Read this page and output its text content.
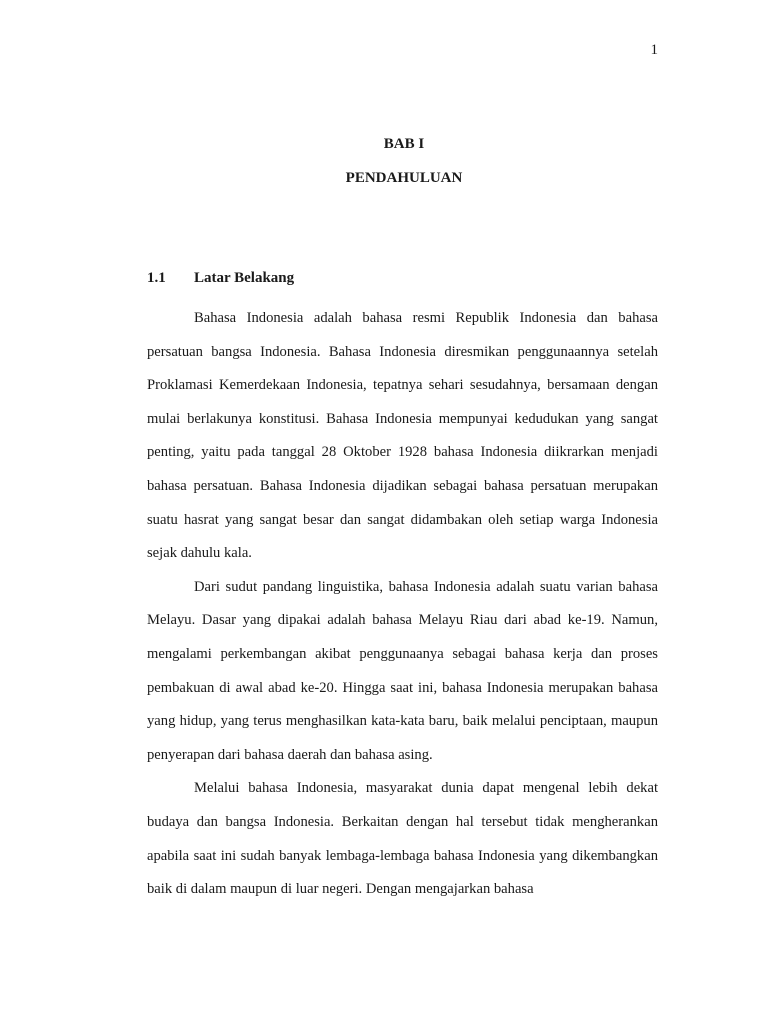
1
BAB I
PENDAHULUAN
1.1 Latar Belakang

Bahasa Indonesia adalah bahasa resmi Republik Indonesia dan bahasa persatuan bangsa Indonesia. Bahasa Indonesia diresmikan penggunaannya setelah Proklamasi Kemerdekaan Indonesia, tepatnya sehari sesudahnya, bersamaan dengan mulai berlakunya konstitusi. Bahasa Indonesia mempunyai kedudukan yang sangat penting, yaitu pada tanggal 28 Oktober 1928 bahasa Indonesia diikrarkan menjadi bahasa persatuan. Bahasa Indonesia dijadikan sebagai bahasa persatuan merupakan suatu hasrat yang sangat besar dan sangat didambakan oleh setiap warga Indonesia sejak dahulu kala.

Dari sudut pandang linguistika, bahasa Indonesia adalah suatu varian bahasa Melayu. Dasar yang dipakai adalah bahasa Melayu Riau dari abad ke-19. Namun, mengalami perkembangan akibat penggunaanya sebagai bahasa kerja dan proses pembakuan di awal abad ke-20. Hingga saat ini, bahasa Indonesia merupakan bahasa yang hidup, yang terus menghasilkan kata-kata baru, baik melalui penciptaan, maupun penyerapan dari bahasa daerah dan bahasa asing.

Melalui bahasa Indonesia, masyarakat dunia dapat mengenal lebih dekat budaya dan bangsa Indonesia. Berkaitan dengan hal tersebut tidak mengherankan apabila saat ini sudah banyak lembaga-lembaga bahasa Indonesia yang dikembangkan baik di dalam maupun di luar negeri. Dengan mengajarkan bahasa
